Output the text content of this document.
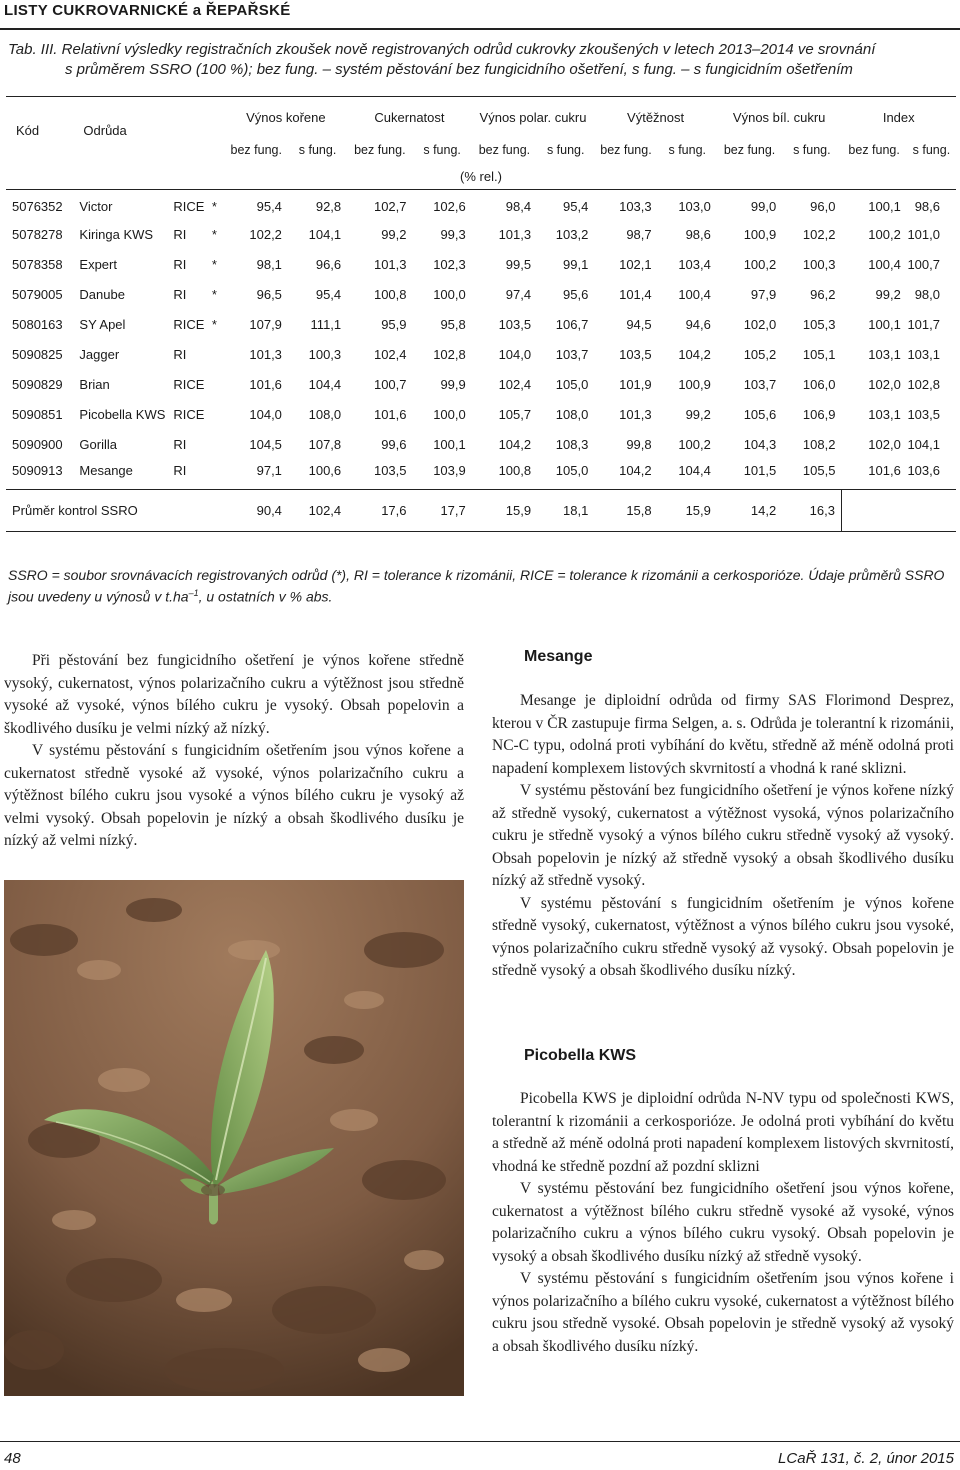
LISTY CUKROVARNICKÉ a ŘEPAŘSKÉ
Tab. III. Relativní výsledky registračních zkoušek nově registrovaných odrůd cukrovky zkoušených v letech 2013–2014 ve srovnání
s průměrem SSRO (100 %); bez fung. – systém pěstování bez fungicidního ošetření, s fung. – s fungicidním ošetřením
Kód	Odrůda			Výnos kořene		Cukernatost		Výnos polar. cukru		Výtěžnost		Výnos bíl. cukru		Index	
				bez fung.	s fung.	bez fung.	s fung.	bez fung.	s fung.	bez fung.	s fung.	bez fung.	s fung.	bez fung.	s fung.
(% rel.)															
5076352	Victor	RICE	*	95,4	92,8	102,7	102,6	98,4	95,4	103,3	103,0	99,0	96,0	100,1	98,6
5078278	Kiringa KWS	RI	*	102,2	104,1	99,2	99,3	101,3	103,2	98,7	98,6	100,9	102,2	100,2	101,0
5078358	Expert	RI	*	98,1	96,6	101,3	102,3	99,5	99,1	102,1	103,4	100,2	100,3	100,4	100,7
5079005	Danube	RI	*	96,5	95,4	100,8	100,0	97,4	95,6	101,4	100,4	97,9	96,2	99,2	98,0
5080163	SY Apel	RICE	*	107,9	111,1	95,9	95,8	103,5	106,7	94,5	94,6	102,0	105,3	100,1	101,7
5090825	Jagger	RI		101,3	100,3	102,4	102,8	104,0	103,7	103,5	104,2	105,2	105,1	103,1	103,1
5090829	Brian	RICE		101,6	104,4	100,7	99,9	102,4	105,0	101,9	100,9	103,7	106,0	102,0	102,8
5090851	Picobella KWS	RICE		104,0	108,0	101,6	100,0	105,7	108,0	101,3	99,2	105,6	106,9	103,1	103,5
5090900	Gorilla	RI		104,5	107,8	99,6	100,1	104,2	108,3	99,8	100,2	104,3	108,2	102,0	104,1
5090913	Mesange	RI		97,1	100,6	103,5	103,9	100,8	105,0	104,2	104,4	101,5	105,5	101,6	103,6
Průměr kontrol SSRO				90,4	102,4	17,6	17,7	15,9	18,1	15,8	15,9	14,2	16,3		
SSRO = soubor srovnávacích registrovaných odrůd (*), RI = tolerance k rizománii, RICE = tolerance k rizománii a cerkosporióze. Údaje průměrů SSRO jsou uvedeny u výnosů v $t.ha^{-1}$, u ostatních v % abs.

Při pěstování bez fungicidního ošetření je výnos kořene středně vysoký, cukernatost, výnos polarizačního cukru a výtěžnost jsou středně vysoké až vysoké, výnos bílého cukru je vysoký. Obsah popelovin a škodlivého dusíku je velmi nízký až nízký.

V systému pěstování s fungicidním ošetřením jsou výnos kořene a cukernatost středně vysoké až vysoké, výnos polarizačního cukru a výtěžnost bílého cukru jsou vysoké a výnos bílého cukru je vysoký až velmi vysoký. Obsah popelovin je nízký a obsah škodlivého dusíku je nízký až velmi nízký.

Mesange

Mesange je diploidní odrůda od firmy SAS Florimond Desprez, kterou v ČR zastupuje firma Selgen, a. s. Odrůda je tolerantní k rizománii, NC-C typu, odolná proti vybíhání do květu, středně až méně odolná proti napadení komplexem listových skvrnitostí a vhodná k rané sklizni.

V systému pěstování bez fungicidního ošetření je výnos kořene nízký až středně vysoký, cukernatost a výtěžnost vysoká, výnos polarizačního cukru je středně vysoký a výnos bílého cukru středně vysoký až vysoký. Obsah popelovin je nízký až středně vysoký a obsah škodlivého dusíku nízký až středně vysoký.

V systému pěstování s fungicidním ošetřením je výnos kořene středně vysoký, cukernatost, výtěžnost a výnos bílého cukru jsou vysoké, výnos polarizačního cukru středně vysoký až vysoký. Obsah popelovin je středně vysoký a obsah škodlivého dusíku nízký.

Picobella KWS

Picobella KWS je diploidní odrůda N-NV typu od společnosti KWS, tolerantní k rizománii a cerkosporióze. Je odolná proti vybíhání do květu a středně až méně odolná proti napadení komplexem listových skvrnitostí, vhodná ke středně pozdní až pozdní sklizni

V systému pěstování bez fungicidního ošetření jsou výnos kořene, cukernatost a výtěžnost bílého cukru středně vysoké až vysoké, výnos polarizačního cukru a výnos bílého cukru vysoký. Obsah popelovin je vysoký a obsah škodlivého dusíku nízký až středně vysoký.

V systému pěstování s fungicidním ošetřením jsou výnos kořene i výnos polarizačního a bílého cukru vysoké, cukernatost a výtěžnost bílého cukru jsou středně vysoké. Obsah popelovin je středně vysoký až vysoký a obsah škodlivého dusíku nízký.

48	LCaŘ 131, č. 2, únor 2015
